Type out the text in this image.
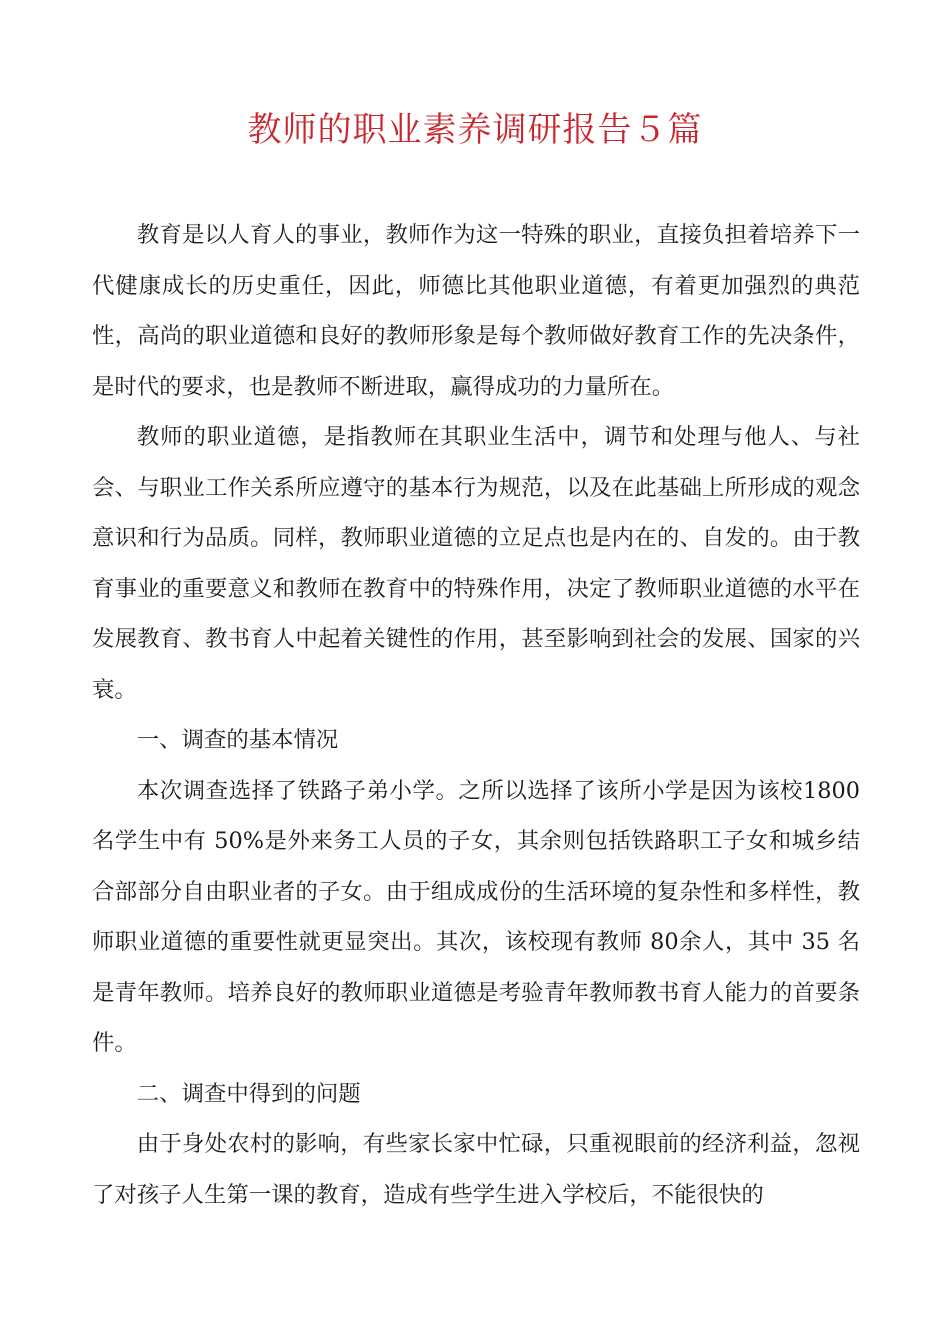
教师的职业素养调研报告５篇

教育是以人育人的事业，教师作为这一特殊的职业，直接负担着培养下一代健康成长的历史重任，因此，师德比其他职业道德，有着更加强烈的典范性，高尚的职业道德和良好的教师形象是每个教师做好教育工作的先决条件，是时代的要求，也是教师不断进取，赢得成功的力量所在。

教师的职业道德，是指教师在其职业生活中，调节和处理与他人、与社会、与职业工作关系所应遵守的基本行为规范，以及在此基础上所形成的观念意识和行为品质。同样，教师职业道德的立足点也是内在的、自发的。由于教育事业的重要意义和教师在教育中的特殊作用，决定了教师职业道德的水平在发展教育、教书育人中起着关键性的作用，甚至影响到社会的发展、国家的兴衰。

一、调查的基本情况

本次调查选择了铁路子弟小学。之所以选择了该所小学是因为该校1800 名学生中有 50%是外来务工人员的子女，其余则包括铁路职工子女和城乡结合部部分自由职业者的子女。由于组成成份的生活环境的复杂性和多样性，教师职业道德的重要性就更显突出。其次，该校现有教师 80余人，其中 35 名是青年教师。培养良好的教师职业道德是考验青年教师教书育人能力的首要条件。

二、调查中得到的问题

由于身处农村的影响，有些家长家中忙碌，只重视眼前的经济利益，忽视了对孩子人生第一课的教育，造成有些学生进入学校后，不能很快的
